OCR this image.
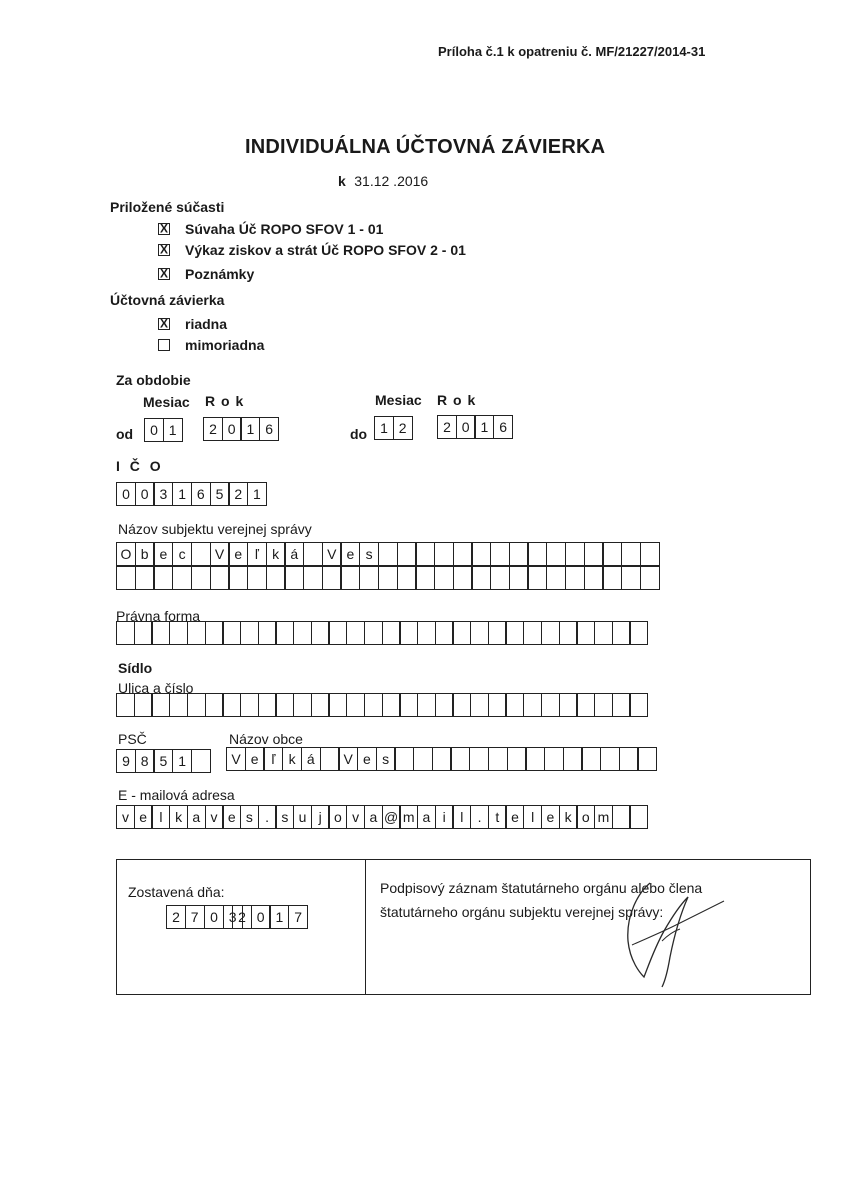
Príloha č.1 k opatreniu č. MF/21227/2014-31
INDIVIDUÁLNA ÚČTOVNÁ ZÁVIERKA
k 31.12 .2016
Priložené súčasti
X Súvaha Úč ROPO SFOV 1 - 01
X Výkaz ziskov a strát Úč ROPO SFOV 2 - 01
X Poznámky
Účtovná závierka
X riadna
mimoriadna
Za obdobie
Mesiac R o k	Mesiac R o k
od	0 1	2 0 1 6	do 1 2	2 0 1 6
I Č O
0 0 3 1 6 5 2 1
Názov subjektu verejnej správy
O b e c	V e ľ k á	V e s
Právna forma
Sídlo
Ulica a číslo
PSČ
9 8 5 1
Názov obce
V e ľ k á	V e s
E - mailová adresa
v e l k a v e s . s u j o v a @ m a i	l	. t e l e k o m
Zostavená dňa:
2 7 0 3 2 0 1 7
Podpisový záznam štatutárneho orgánu alebo člena
štatutárneho orgánu subjektu verejnej správy:
